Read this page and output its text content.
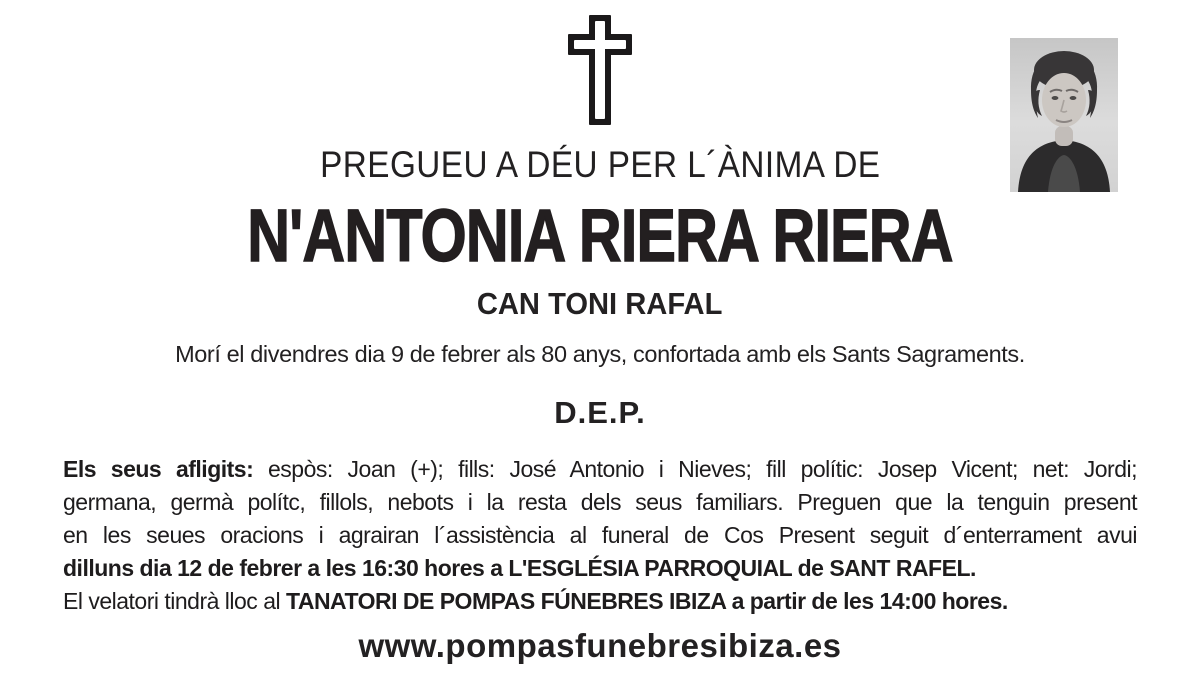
PREGUEU A DÉU PER L´ÀNIMA DE
N'ANTONIA RIERA RIERA
CAN TONI RAFAL
Morí el divendres dia 9 de febrer als 80 anys, confortada amb els Sants Sagraments.
D.E.P.
Els seus afligits: espòs: Joan (+); fills: José Antonio i Nieves; fill polític: Josep Vicent; net: Jordi;
germana, germà polítc, fillols, nebots i la resta dels seus familiars. Preguen que la tenguin present
en les seues oracions i agrairan l´assistència al funeral de Cos Present seguit d´enterrament avui
dilluns dia 12 de febrer a les 16:30 hores a L'ESGLÉSIA PARROQUIAL de SANT RAFEL.
El velatori tindrà lloc al TANATORI DE POMPAS FÚNEBRES IBIZA a partir de les 14:00 hores.
www.pompasfunebresibiza.es
